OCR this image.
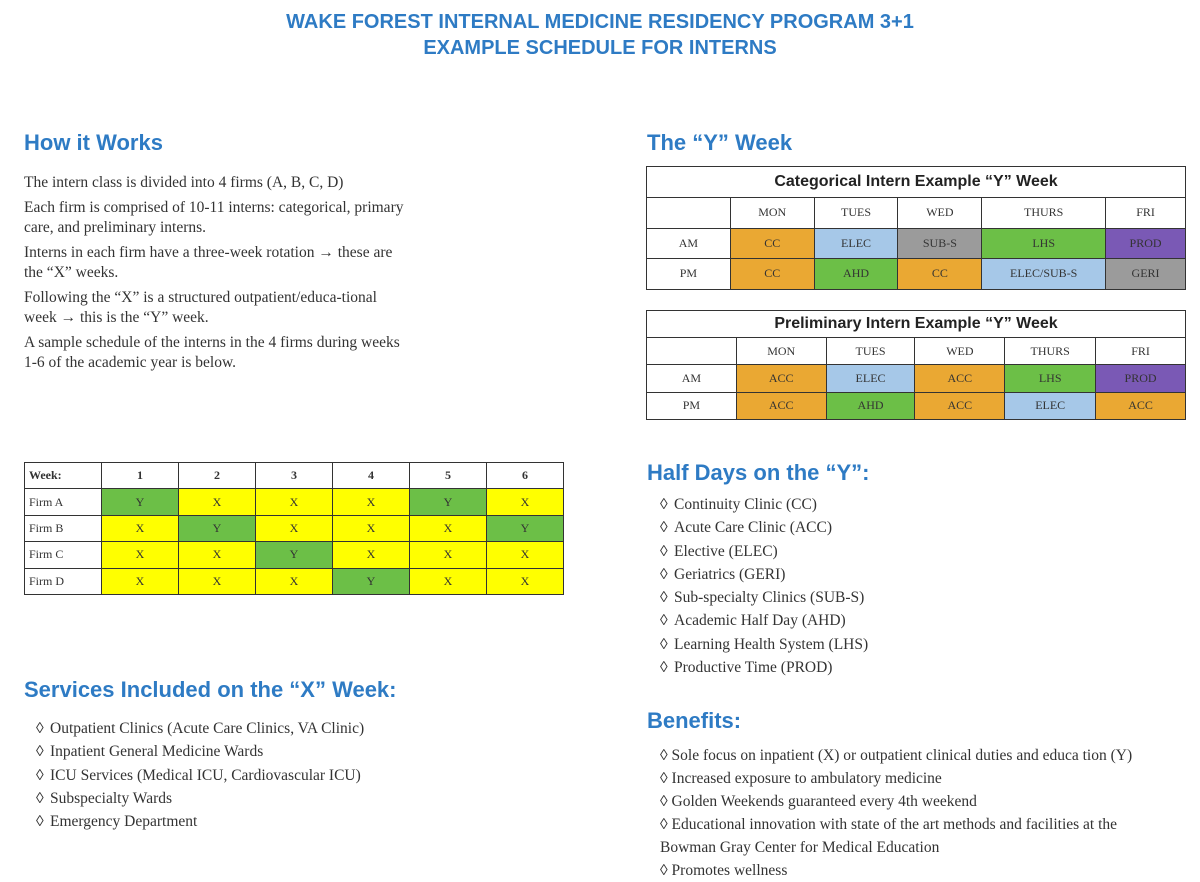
WAKE FOREST INTERNAL MEDICINE RESIDENCY PROGRAM 3+1
EXAMPLE SCHEDULE FOR INTERNS
How it Works

The intern class is divided into 4 firms (A, B, C, D)

Each firm is comprised of 10-11 interns: categorical, primary care, and preliminary interns.

Interns in each firm have a three-week rotation → these are the “X” weeks.

Following the “X” is a structured outpatient/educa-tional week → this is the “Y” week.

A sample schedule of the interns in the 4 firms during weeks 1-6 of the academic year is below.

Week:	1	2	3	4	5	6
Firm A	Y	X	X	X	Y	X
Firm B	X	Y	X	X	X	Y
Firm C	X	X	Y	X	X	X
Firm D	X	X	X	Y	X	X
Services Included on the “X” Week:
◊ Outpatient Clinics (Acute Care Clinics, VA Clinic)
◊ Inpatient General Medicine Wards
◊ ICU Services (Medical ICU, Cardiovascular ICU)
◊ Subspecialty Wards
◊ Emergency Department
The “Y” Week
Categorical Intern Example “Y” Week					
	MON	TUES	WED	THURS	FRI
AM	CC	ELEC	SUB-S	LHS	PROD
PM	CC	AHD	CC	ELEC/SUB-S	GERI
Preliminary Intern Example “Y” Week					
	MON	TUES	WED	THURS	FRI
AM	ACC	ELEC	ACC	LHS	PROD
PM	ACC	AHD	ACC	ELEC	ACC
Half Days on the “Y”:
◊ Continuity Clinic (CC)
◊ Acute Care Clinic (ACC)
◊ Elective (ELEC)
◊ Geriatrics (GERI)
◊ Sub-specialty Clinics (SUB-S)
◊ Academic Half Day (AHD)
◊ Learning Health System (LHS)
◊ Productive Time (PROD)
Benefits:
◊ Sole focus on inpatient (X) or outpatient clinical duties and educa tion (Y)
◊ Increased exposure to ambulatory medicine
◊ Golden Weekends guaranteed every 4th weekend
◊ Educational innovation with state of the art methods and facilities at the
Bowman Gray Center for Medical Education
◊ Promotes wellness
